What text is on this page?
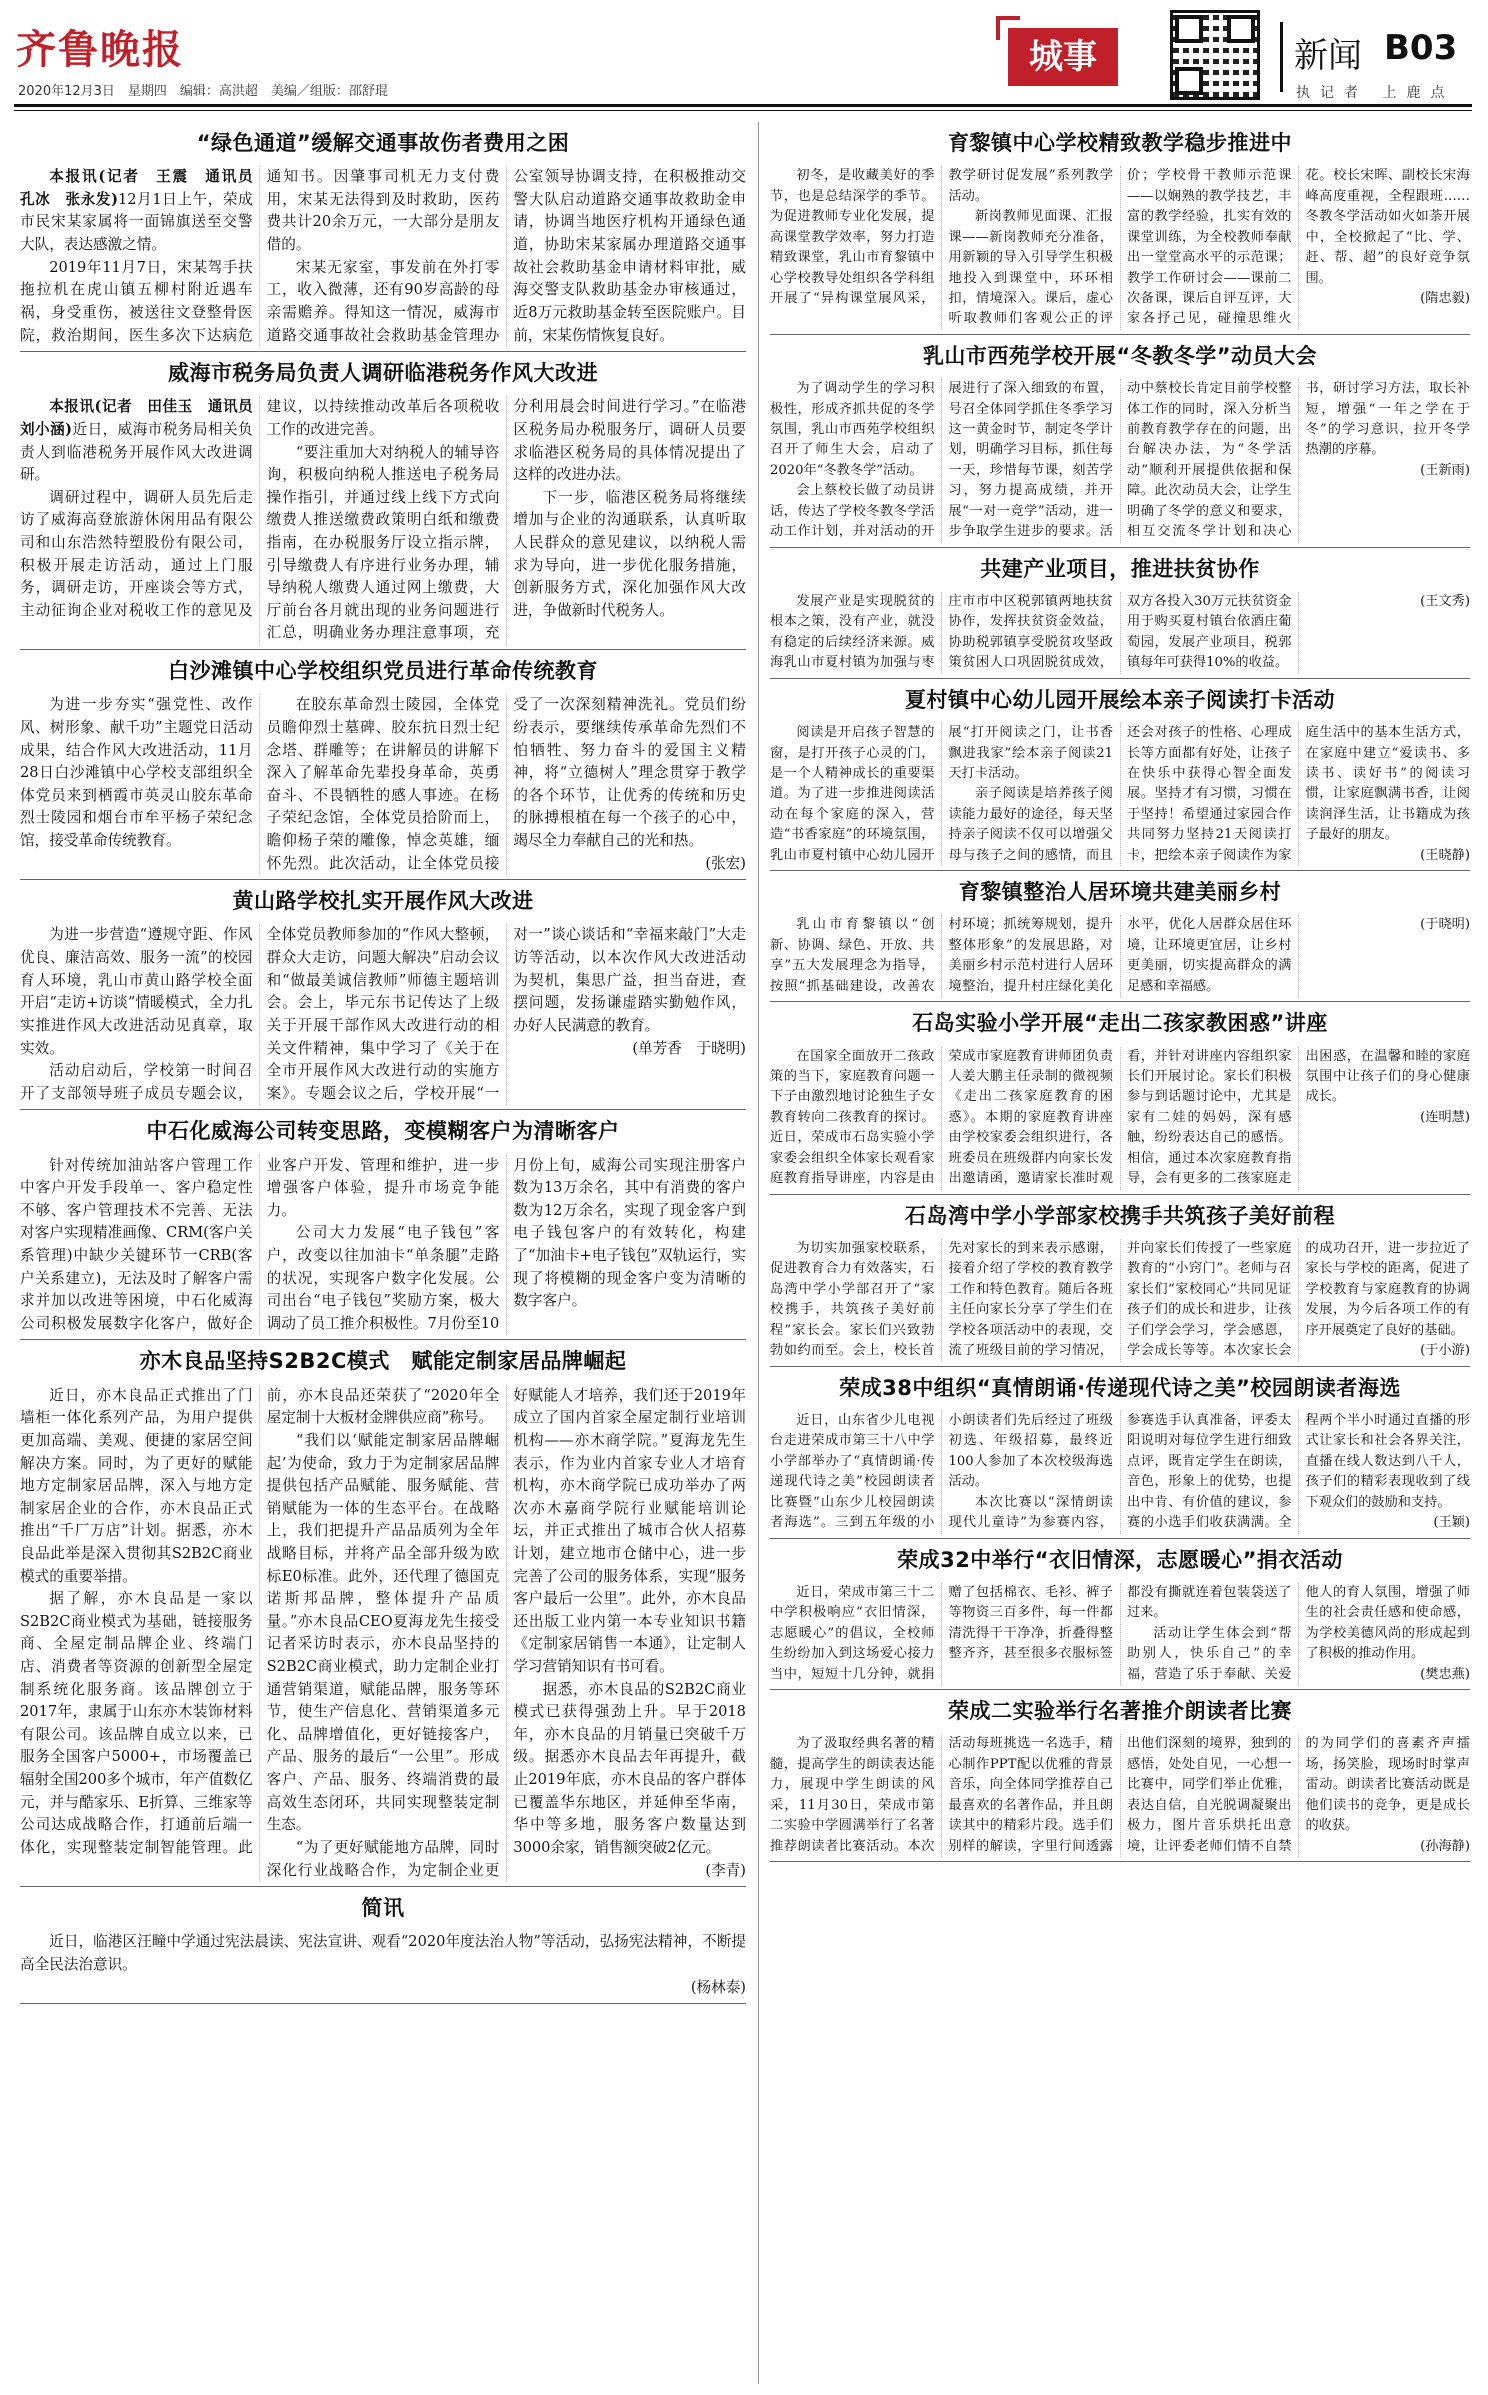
齐鲁晚报
2020年12月3日　星期四　编辑：高洪超　美编／组版：邵舒琨
城事	新闻 B03
执记者 上鹿点
“绿色通道”缓解交通事故伤者费用之困

本报讯(记者　王震　通讯员　孔冰　张永发)12月1日上午，荣成市民宋某家属将一面锦旗送至交警大队，表达感激之情。

2019年11月7日，宋某驾手扶拖拉机在虎山镇五柳村附近遇车祸，身受重伤，被送往文登整骨医院，救治期间，医生多次下达病危通知书。因肇事司机无力支付费用，宋某无法得到及时救助，医药费共计20余万元，一大部分是朋友借的。

宋某无家室，事发前在外打零工，收入微薄，还有90岁高龄的母亲需赡养。得知这一情况，威海市道路交通事故社会救助基金管理办公室领导协调支持，在积极推动交警大队启动道路交通事故救助金申请，协调当地医疗机构开通绿色通道，协助宋某家属办理道路交通事故社会救助基金申请材料审批，威海交警支队救助基金办审核通过，近8万元救助基金转至医院账户。目前，宋某伤情恢复良好。

威海市税务局负责人调研临港税务作风大改进

本报讯(记者　田佳玉　通讯员　刘小涵)近日，威海市税务局相关负责人到临港税务开展作风大改进调研。

调研过程中，调研人员先后走访了威海高登旅游休闲用品有限公司和山东浩然特塑股份有限公司，积极开展走访活动，通过上门服务，调研走访，开座谈会等方式，主动征询企业对税收工作的意见及建议，以持续推动改革后各项税收工作的改进完善。

“要注重加大对纳税人的辅导咨询，积极向纳税人推送电子税务局操作指引，并通过线上线下方式向缴费人推送缴费政策明白纸和缴费指南，在办税服务厅设立指示牌，引导缴费人有序进行业务办理，辅导纳税人缴费人通过网上缴费，大厅前台各月就出现的业务问题进行汇总，明确业务办理注意事项，充分利用晨会时间进行学习。”在临港区税务局办税服务厅，调研人员要求临港区税务局的具体情况提出了这样的改进办法。

下一步，临港区税务局将继续增加与企业的沟通联系，认真听取人民群众的意见建议，以纳税人需求为导向，进一步优化服务措施，创新服务方式，深化加强作风大改进，争做新时代税务人。

白沙滩镇中心学校组织党员进行革命传统教育

为进一步夯实“强党性、改作风、树形象、献千功”主题党日活动成果，结合作风大改进活动，11月28日白沙滩镇中心学校支部组织全体党员来到栖霞市英灵山胶东革命烈士陵园和烟台市牟平杨子荣纪念馆，接受革命传统教育。

在胶东革命烈士陵园，全体党员瞻仰烈士墓碑、胶东抗日烈士纪念塔、群雕等；在讲解员的讲解下深入了解革命先辈投身革命，英勇奋斗、不畏牺牲的感人事迹。在杨子荣纪念馆，全体党员拾阶而上，瞻仰杨子荣的雕像，悼念英雄，缅怀先烈。此次活动，让全体党员接受了一次深刻精神洗礼。党员们纷纷表示，要继续传承革命先烈们不怕牺牲、努力奋斗的爱国主义精神，将“立德树人”理念贯穿于教学的各个环节，让优秀的传统和历史的脉搏根植在每一个孩子的心中，竭尽全力奉献自己的光和热。

(张宏)
黄山路学校扎实开展作风大改进

为进一步营造“遵规守距、作风优良、廉洁高效、服务一流”的校园育人环境，乳山市黄山路学校全面开启“走访+访谈”情暖模式，全力扎实推进作风大改进活动见真章，取实效。

活动启动后，学校第一时间召开了支部领导班子成员专题会议，全体党员教师参加的“作风大整顿，群众大走访，问题大解决”启动会议和“做最美诚信教师”师德主题培训会。会上，毕元东书记传达了上级关于开展干部作风大改进行动的相关文件精神，集中学习了《关于在全市开展作风大改进行动的实施方案》。专题会议之后，学校开展“一对一”谈心谈话和“幸福来敲门”大走访等活动，以本次作风大改进活动为契机，集思广益，担当奋进，查摆问题，发扬谦虚踏实勤勉作风，办好人民满意的教育。

(单芳香　于晓明)
中石化威海公司转变思路，变模糊客户为清晰客户

针对传统加油站客户管理工作中客户开发手段单一、客户稳定性不够、客户管理技术不完善、无法对客户实现精准画像、CRM(客户关系管理)中缺少关键环节一CRB(客户关系建立)，无法及时了解客户需求并加以改进等困境，中石化威海公司积极发展数字化客户，做好企业客户开发、管理和维护，进一步增强客户体验，提升市场竞争能力。

公司大力发展“电子钱包”客户，改变以往加油卡“单条腿”走路的状况，实现客户数字化发展。公司出台“电子钱包”奖励方案，极大调动了员工推介积极性。7月份至10月份上旬，威海公司实现注册客户数为13万余名，其中有消费的客户数为12万余名，实现了现金客户到电子钱包客户的有效转化，构建了“加油卡+电子钱包”双轨运行，实现了将模糊的现金客户变为清晰的数字客户。

亦木良品坚持S2B2C模式　赋能定制家居品牌崛起

近日，亦木良品正式推出了门墙柜一体化系列产品，为用户提供更加高端、美观、便捷的家居空间解决方案。同时，为了更好的赋能地方定制家居品牌，深入与地方定制家居企业的合作，亦木良品正式推出“千厂万店”计划。据悉，亦木良品此举是深入贯彻其S2B2C商业模式的重要举措。

据了解，亦木良品是一家以S2B2C商业模式为基础，链接服务商、全屋定制品牌企业、终端门店、消费者等资源的创新型全屋定制系统化服务商。该品牌创立于2017年，隶属于山东亦木装饰材料有限公司。该品牌自成立以来，已服务全国客户5000+，市场覆盖已辐射全国200多个城市，年产值数亿元，并与酷家乐、E折算、三维家等公司达成战略合作，打通前后端一体化，实现整装定制智能管理。此前，亦木良品还荣获了“2020年全屋定制十大板材金牌供应商”称号。

“我们以‘赋能定制家居品牌崛起’为使命，致力于为定制家居品牌提供包括产品赋能、服务赋能、营销赋能为一体的生态平台。在战略上，我们把提升产品品质列为全年战略目标，并将产品全部升级为欧标E0标准。此外，还代理了德国克诺斯邦品牌，整体提升产品质量。”亦木良品CEO夏海龙先生接受记者采访时表示，亦木良品坚持的S2B2C商业模式，助力定制企业打通营销渠道，赋能品牌，服务等环节，使生产信息化、营销渠道多元化、品牌增值化，更好链接客户，产品、服务的最后“一公里”。形成客户、产品、服务、终端消费的最高效生态闭环，共同实现整装定制生态。

“为了更好赋能地方品牌，同时深化行业战略合作，为定制企业更好赋能人才培养，我们还于2019年成立了国内首家全屋定制行业培训机构——亦木商学院。”夏海龙先生表示，作为业内首家专业人才培育机构，亦木商学院已成功举办了两次亦木嘉商学院行业赋能培训论坛，并正式推出了城市合伙人招募计划，建立地市仓储中心，进一步完善了公司的服务体系，实现“服务客户最后一公里”。此外，亦木良品还出版工业内第一本专业知识书籍《定制家居销售一本通》，让定制人学习营销知识有书可看。

据悉，亦木良品的S2B2C商业模式已获得强劲上升。早于2018年，亦木良品的月销量已突破千万级。据悉亦木良品去年再提升，截止2019年底，亦木良品的客户群体已覆盖华东地区，并延伸至华南，华中等多地，服务客户数量达到3000余家，销售额突破2亿元。

(李青)
简讯

近日，临港区汪疃中学通过宪法晨读、宪法宣讲、观看“2020年度法治人物”等活动，弘扬宪法精神，不断提高全民法治意识。

(杨林泰)
育黎镇中心学校精致教学稳步推进中

初冬，是收藏美好的季节，也是总结深学的季节。为促进教师专业化发展，提高课堂教学效率，努力打造精致课堂，乳山市育黎镇中心学校教导处组织各学科组开展了“异构课堂展风采，教学研讨促发展”系列教学活动。

新岗教师见面课、汇报课——新岗教师充分准备，用新颖的导入引导学生积极地投入到课堂中，环环相扣，情境深入。课后，虚心听取教师们客观公正的评价；学校骨干教师示范课——以娴熟的教学技艺，丰富的教学经验，扎实有效的课堂训练，为全校教师奉献出一堂堂高水平的示范课；教学工作研讨会——课前二次备课，课后自评互评，大家各抒己见，碰撞思维火花。校长宋晖、副校长宋海峰高度重视，全程跟班……冬教冬学活动如火如荼开展中，全校掀起了“比、学、赶、帮、超”的良好竞争氛围。

(隋忠毅)
乳山市西苑学校开展“冬教冬学”动员大会

为了调动学生的学习积极性，形成齐抓共促的冬学氛围，乳山市西苑学校组织召开了师生大会，启动了2020年“冬教冬学”活动。

会上蔡校长做了动员讲话，传达了学校冬教冬学活动工作计划，并对活动的开展进行了深入细致的布置，号召全体同学抓住冬季学习这一黄金时节，制定冬学计划，明确学习目标，抓住每一天，珍惜每节课，刻苦学习，努力提高成绩，并开展“一对一竞学”活动，进一步争取学生进步的要求。活动中蔡校长肯定目前学校整体工作的同时，深入分析当前教育教学存在的问题，出台解决办法，为“冬学活动”顺利开展提供依据和保障。此次动员大会，让学生明确了冬学的意义和要求，相互交流冬学计划和决心书，研讨学习方法，取长补短，增强“一年之学在于冬”的学习意识，拉开冬学热潮的序幕。

(王新雨)
共建产业项目，推进扶贫协作

发展产业是实现脱贫的根本之策，没有产业，就没有稳定的后续经济来源。威海乳山市夏村镇为加强与枣庄市市中区税郭镇两地扶贫协作，发挥扶贫资金效益，协助税郭镇享受脱贫攻坚政策贫困人口巩固脱贫成效，双方各投入30万元扶贫资金用于购买夏村镇台依酒庄葡萄园，发展产业项目，税郭镇每年可获得10%的收益。

(王文秀)
夏村镇中心幼儿园开展绘本亲子阅读打卡活动

阅读是开启孩子智慧的窗，是打开孩子心灵的门，是一个人精神成长的重要渠道。为了进一步推进阅读活动在每个家庭的深入，营造“书香家庭”的环境氛围，乳山市夏村镇中心幼儿园开展“打开阅读之门，让书香飘进我家”绘本亲子阅读21天打卡活动。

亲子阅读是培养孩子阅读能力最好的途径，每天坚持亲子阅读不仅可以增强父母与孩子之间的感情，而且还会对孩子的性格、心理成长等方面都有好处，让孩子在快乐中获得心智全面发展。坚持才有习惯，习惯在于坚持！希望通过家园合作共同努力坚持21天阅读打卡，把绘本亲子阅读作为家庭生活中的基本生活方式，在家庭中建立“爱读书、多读书、读好书”的阅读习惯，让家庭飘满书香，让阅读润泽生活，让书籍成为孩子最好的朋友。

(王晓静)
育黎镇整治人居环境共建美丽乡村

乳山市育黎镇以“创新、协调、绿色、开放、共享”五大发展理念为指导，按照“抓基础建设，改善农村环境；抓统筹规划，提升整体形象”的发展思路，对美丽乡村示范村进行人居环境整治，提升村庄绿化美化水平，优化人居群众居住环境，让环境更宜居，让乡村更美丽，切实提高群众的满足感和幸福感。

(于晓明)
石岛实验小学开展“走出二孩家教困惑”讲座

在国家全面放开二孩政策的当下，家庭教育问题一下子由激烈地讨论独生子女教育转向二孩教育的探讨。近日，荣成市石岛实验小学家委会组织全体家长观看家庭教育指导讲座，内容是由荣成市家庭教育讲师团负责人姜大鹏主任录制的微视频《走出二孩家庭教育的困惑》。本期的家庭教育讲座由学校家委会组织进行，各班委员在班级群内向家长发出邀请函，邀请家长准时观看，并针对讲座内容组织家长们开展讨论。家长们积极参与到话题讨论中，尤其是家有二娃的妈妈，深有感触，纷纷表达自己的感悟。相信，通过本次家庭教育指导，会有更多的二孩家庭走出困惑，在温馨和睦的家庭氛围中让孩子们的身心健康成长。

(连明慧)
石岛湾中学小学部家校携手共筑孩子美好前程

为切实加强家校联系，促进教育合力有效落实，石岛湾中学小学部召开了“家校携手，共筑孩子美好前程”家长会。家长们兴致勃勃如约而至。会上，校长首先对家长的到来表示感谢，接着介绍了学校的教育教学工作和特色教育。随后各班主任向家长分享了学生们在学校各项活动中的表现，交流了班级目前的学习情况，并向家长们传授了一些家庭教育的“小窍门”。老师与召家长们“家校同心”共同见证孩子们的成长和进步，让孩子们学会学习，学会感恩，学会成长等等。本次家长会的成功召开，进一步拉近了家长与学校的距离，促进了学校教育与家庭教育的协调发展，为今后各项工作的有序开展奠定了良好的基础。

(于小游)
荣成38中组织“真情朗诵·传递现代诗之美”校园朗读者海选

近日，山东省少儿电视台走进荣成市第三十八中学小学部举办了“真情朗诵·传递现代诗之美”校园朗读者比赛暨“山东少儿校园朗读者海选”。三到五年级的小小朗读者们先后经过了班级初选、年级招募，最终近100人参加了本次校级海选活动。

本次比赛以“深情朗读现代儿童诗”为参赛内容，参赛选手认真准备，评委太阳说明对每位学生进行细致点评，既肯定学生在朗读，音色，形象上的优势，也提出中肯、有价值的建议，参赛的小选手们收获满满。全程两个半小时通过直播的形式让家长和社会各界关注，直播在线人数达到八千人，孩子们的精彩表现收到了线下观众们的鼓励和支持。

(王颖)
荣成32中举行“衣旧情深，志愿暖心”捐衣活动

近日，荣成市第三十二中学积极响应“衣旧情深，志愿暖心”的倡议，全校师生纷纷加入到这场爱心接力当中，短短十几分钟，就捐赠了包括棉衣、毛衫、裤子等物资三百多件，每一件都清洗得干干净净，折叠得整整齐齐，甚至很多衣服标签都没有撕就连着包装袋送了过来。

活动让学生体会到“帮助别人，快乐自己”的幸福，营造了乐于奉献、关爱他人的育人氛围，增强了师生的社会责任感和使命感，为学校美德风尚的形成起到了积极的推动作用。

(樊忠燕)
荣成二实验举行名著推介朗读者比赛

为了汲取经典名著的精髓，提高学生的朗读表达能力，展现中学生朗读的风采，11月30日，荣成市第二实验中学圆满举行了名著推荐朗读者比赛活动。本次活动每班挑选一名选手，精心制作PPT配以优雅的背景音乐，向全体同学推荐自己最喜欢的名著作品，并且朗读其中的精彩片段。选手们别样的解读，字里行间透露出他们深刻的境界，独到的感悟，处处自见，一心想一比赛中，同学们举止优雅，表达自信，自光脱调凝聚出极力，图片音乐烘托出意境，让评委老师们情不自禁的为同学们的喜素齐声擂场，扬笑脸，现场时时掌声雷动。朗读者比赛活动既是他们读书的竞争，更是成长的收获。

(孙海静)
